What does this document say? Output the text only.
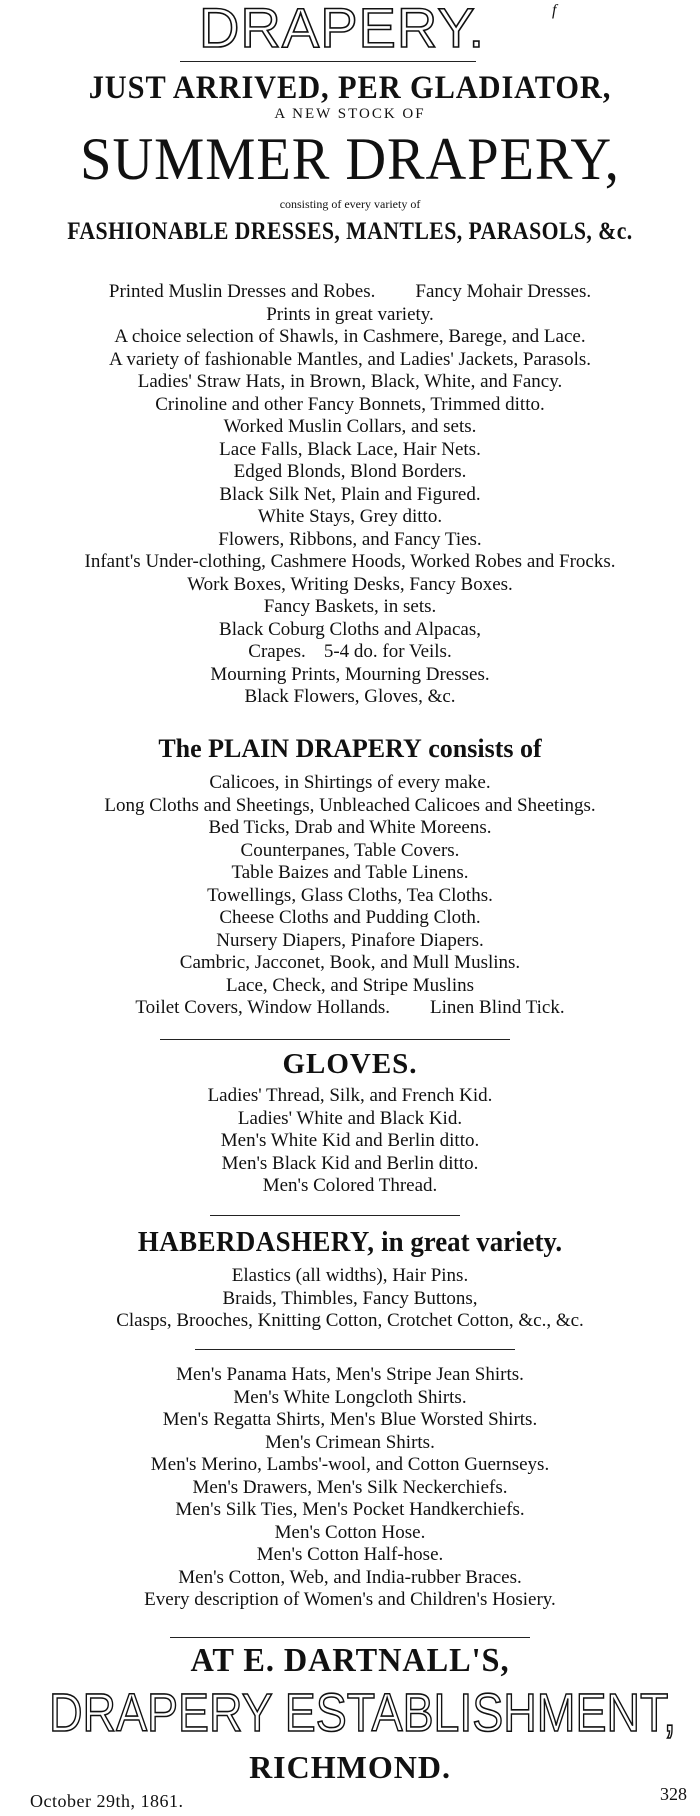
DRAPERY.	f
JUST ARRIVED, PER GLADIATOR,
A NEW STOCK OF
SUMMER DRAPERY,
consisting of every variety of
FASHIONABLE DRESSES, MANTLES, PARASOLS, &c.
Printed Muslin Dresses and Robes. Fancy Mohair Dresses.
Prints in great variety.
A choice selection of Shawls, in Cashmere, Barege, and Lace.
A variety of fashionable Mantles, and Ladies' Jackets, Parasols.
Ladies' Straw Hats, in Brown, Black, White, and Fancy.
Crinoline and other Fancy Bonnets, Trimmed ditto.
Worked Muslin Collars, and sets.
Lace Falls, Black Lace, Hair Nets.
Edged Blonds, Blond Borders.
Black Silk Net, Plain and Figured.
White Stays, Grey ditto.
Flowers, Ribbons, and Fancy Ties.
Infant's Under-clothing, Cashmere Hoods, Worked Robes and Frocks.
Work Boxes, Writing Desks, Fancy Boxes.
Fancy Baskets, in sets.
Black Coburg Cloths and Alpacas,
Crapes. 5-4 do. for Veils.
Mourning Prints, Mourning Dresses.
Black Flowers, Gloves, &c.
The PLAIN DRAPERY consists of
Calicoes, in Shirtings of every make.
Long Cloths and Sheetings, Unbleached Calicoes and Sheetings.
Bed Ticks, Drab and White Moreens.
Counterpanes, Table Covers.
Table Baizes and Table Linens.
Towellings, Glass Cloths, Tea Cloths.
Cheese Cloths and Pudding Cloth.
Nursery Diapers, Pinafore Diapers.
Cambric, Jacconet, Book, and Mull Muslins.
Lace, Check, and Stripe Muslins
Toilet Covers, Window Hollands. Linen Blind Tick.
GLOVES.
Ladies' Thread, Silk, and French Kid.
Ladies' White and Black Kid.
Men's White Kid and Berlin ditto.
Men's Black Kid and Berlin ditto.
Men's Colored Thread.
HABERDASHERY, in great variety.
Elastics (all widths), Hair Pins.
Braids, Thimbles, Fancy Buttons,
Clasps, Brooches, Knitting Cotton, Crotchet Cotton, &c., &c.
Men's Panama Hats, Men's Stripe Jean Shirts.
Men's White Longcloth Shirts.
Men's Regatta Shirts, Men's Blue Worsted Shirts.
Men's Crimean Shirts.
Men's Merino, Lambs'-wool, and Cotton Guernseys.
Men's Drawers, Men's Silk Neckerchiefs.
Men's Silk Ties, Men's Pocket Handkerchiefs.
Men's Cotton Hose.
Men's Cotton Half-hose.
Men's Cotton, Web, and India-rubber Braces.
Every description of Women's and Children's Hosiery.
AT E. DARTNALL'S,
DRAPERY ESTABLISHMENT,
RICHMOND.
October 29th, 1861.	328
